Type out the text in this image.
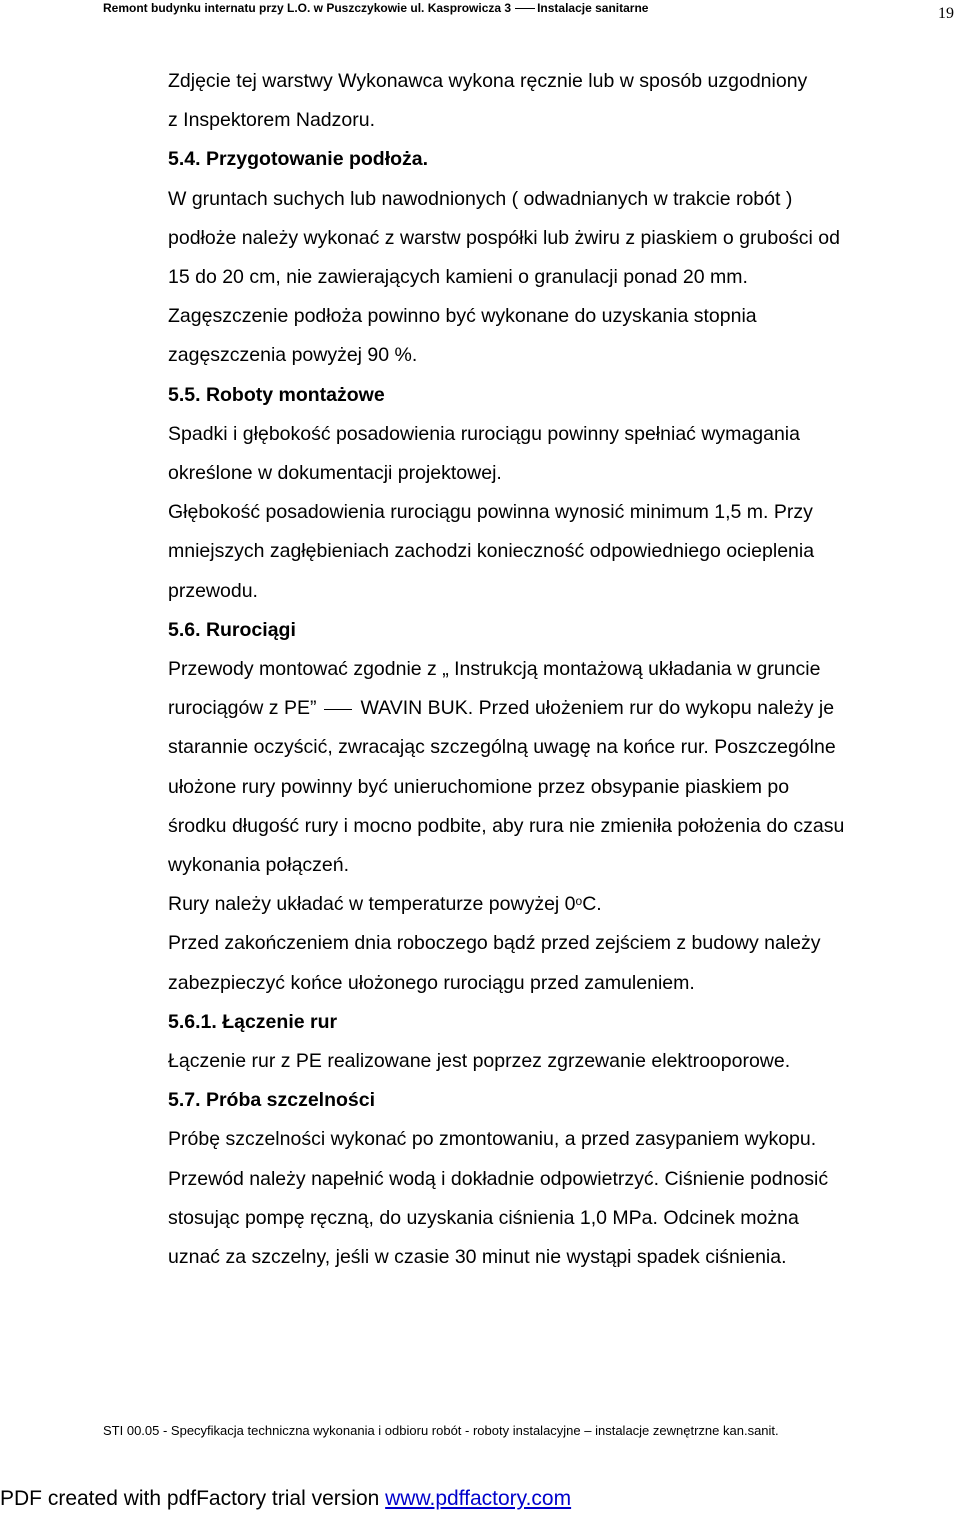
Remont budynku internatu przy L.O. w Puszczykowie ul. Kasprowicza 3 Instalacje sanitarne	19

Zdjęcie tej warstwy Wykonawca wykona ręcznie lub w sposób uzgodniony

z Inspektorem Nadzoru.

5.4. Przygotowanie podłoża.

W gruntach suchych lub nawodnionych ( odwadnianych w trakcie robót )

podłoże należy wykonać z warstw pospółki lub żwiru z piaskiem o grubości od

15 do 20 cm, nie zawierających kamieni o granulacji ponad 20 mm.

Zagęszczenie podłoża powinno być wykonane do uzyskania stopnia

zagęszczenia powyżej 90 %.

5.5. Roboty montażowe

Spadki i głębokość posadowienia rurociągu powinny spełniać wymagania

określone w dokumentacji projektowej.

Głębokość posadowienia rurociągu powinna wynosić minimum 1,5 m. Przy

mniejszych zagłębieniach zachodzi konieczność odpowiedniego ocieplenia

przewodu.

5.6. Rurociągi

Przewody montować zgodnie z „ Instrukcją montażową układania w gruncie

rurociągów z PE” WAVIN BUK. Przed ułożeniem rur do wykopu należy je

starannie oczyścić, zwracając szczególną uwagę na końce rur. Poszczególne

ułożone rury powinny być unieruchomione przez obsypanie piaskiem po

środku długość rury i mocno podbite, aby rura nie zmieniła położenia do czasu

wykonania połączeń.

Rury należy układać w temperaturze powyżej 0$^o$C.

Przed zakończeniem dnia roboczego bądź przed zejściem z budowy należy

zabezpieczyć końce ułożonego rurociągu przed zamuleniem.

5.6.1. Łączenie rur

Łączenie rur z PE realizowane jest poprzez zgrzewanie elektrooporowe.

5.7. Próba szczelności

Próbę szczelności wykonać po zmontowaniu, a przed zasypaniem wykopu.

Przewód należy napełnić wodą i dokładnie odpowietrzyć. Ciśnienie podnosić

stosując pompę ręczną, do uzyskania ciśnienia 1,0 MPa. Odcinek można

uznać za szczelny, jeśli w czasie 30 minut nie wystąpi spadek ciśnienia.

STI 00.05 - Specyfikacja techniczna wykonania i odbioru robót - roboty instalacyjne – instalacje zewnętrzne kan.sanit.
PDF created with pdfFactory trial version www.pdffactory.com
